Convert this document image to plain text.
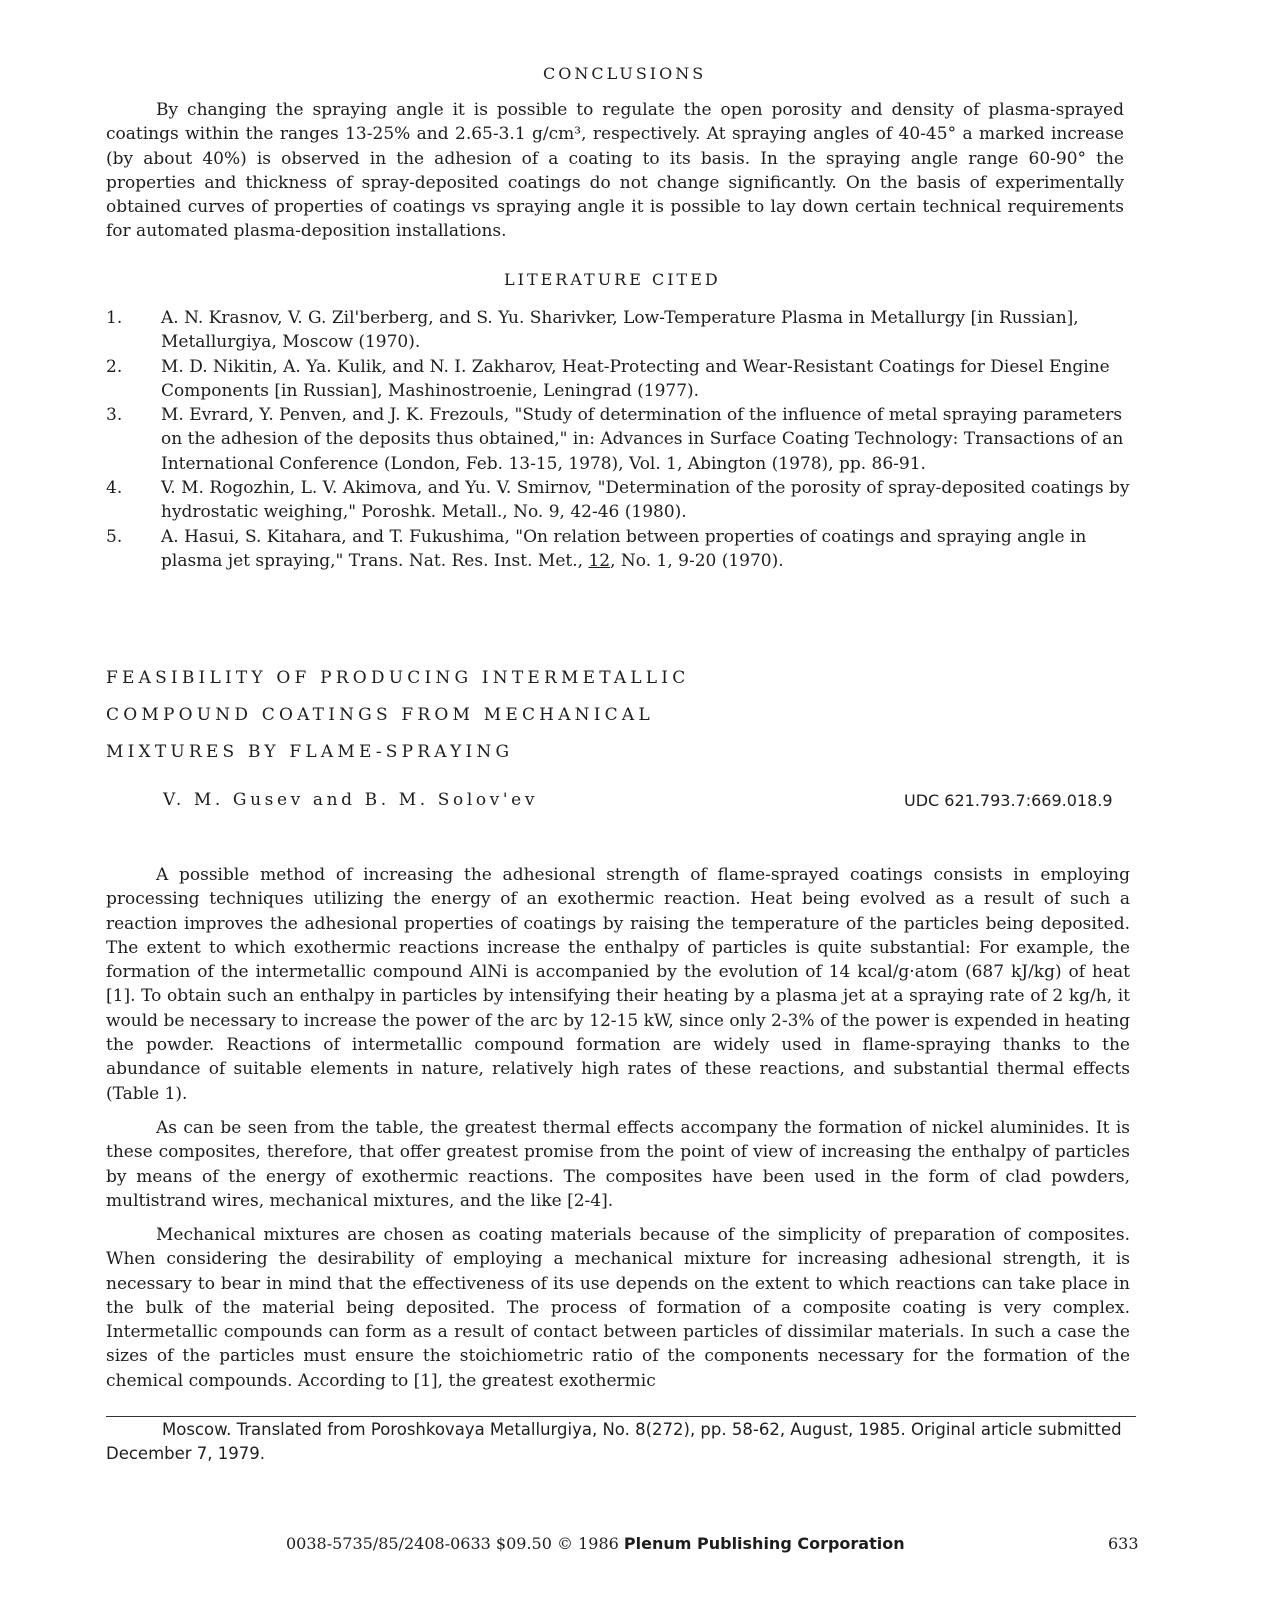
CONCLUSIONS

By changing the spraying angle it is possible to regulate the open porosity and density of plasma-sprayed coatings within the ranges 13-25% and 2.65-3.1 g/cm³, respectively. At spraying angles of 40-45° a marked increase (by about 40%) is observed in the adhesion of a coating to its basis. In the spraying angle range 60-90° the properties and thickness of spray-deposited coatings do not change significantly. On the basis of experimentally obtained curves of properties of coatings vs spraying angle it is possible to lay down certain technical requirements for automated plasma-deposition installations.

LITERATURE CITED
1. A. N. Krasnov, V. G. Zil'berberg, and S. Yu. Sharivker, Low-Temperature Plasma in Metallurgy [in Russian], Metallurgiya, Moscow (1970).
2. M. D. Nikitin, A. Ya. Kulik, and N. I. Zakharov, Heat-Protecting and Wear-Resistant Coatings for Diesel Engine Components [in Russian], Mashinostroenie, Leningrad (1977).
3. M. Evrard, Y. Penven, and J. K. Frezouls, "Study of determination of the influence of metal spraying parameters on the adhesion of the deposits thus obtained," in: Advances in Surface Coating Technology: Transactions of an International Conference (London, Feb. 13-15, 1978), Vol. 1, Abington (1978), pp. 86-91.
4. V. M. Rogozhin, L. V. Akimova, and Yu. V. Smirnov, "Determination of the porosity of spray-deposited coatings by hydrostatic weighing," Poroshk. Metall., No. 9, 42-46 (1980).
5. A. Hasui, S. Kitahara, and T. Fukushima, "On relation between properties of coatings and spraying angle in plasma jet spraying," Trans. Nat. Res. Inst. Met., 12, No. 1, 9-20 (1970).
FEASIBILITY OF PRODUCING INTERMETALLIC
COMPOUND COATINGS FROM MECHANICAL
MIXTURES BY FLAME-SPRAYING
V. M. Gusev and B. M. Solov'ev	UDC 621.793.7:669.018.9

A possible method of increasing the adhesional strength of flame-sprayed coatings consists in employing processing techniques utilizing the energy of an exothermic reaction. Heat being evolved as a result of such a reaction improves the adhesional properties of coatings by raising the temperature of the particles being deposited. The extent to which exothermic reactions increase the enthalpy of particles is quite substantial: For example, the formation of the intermetallic compound AlNi is accompanied by the evolution of 14 kcal/g·atom (687 kJ/kg) of heat [1]. To obtain such an enthalpy in particles by intensifying their heating by a plasma jet at a spraying rate of 2 kg/h, it would be necessary to increase the power of the arc by 12-15 kW, since only 2-3% of the power is expended in heating the powder. Reactions of intermetallic compound formation are widely used in flame-spraying thanks to the abundance of suitable elements in nature, relatively high rates of these reactions, and substantial thermal effects (Table 1).

As can be seen from the table, the greatest thermal effects accompany the formation of nickel aluminides. It is these composites, therefore, that offer greatest promise from the point of view of increasing the enthalpy of particles by means of the energy of exothermic reactions. The composites have been used in the form of clad powders, multistrand wires, mechanical mixtures, and the like [2-4].

Mechanical mixtures are chosen as coating materials because of the simplicity of preparation of composites. When considering the desirability of employing a mechanical mixture for increasing adhesional strength, it is necessary to bear in mind that the effectiveness of its use depends on the extent to which reactions can take place in the bulk of the material being deposited. The process of formation of a composite coating is very complex. Intermetallic compounds can form as a result of contact between particles of dissimilar materials. In such a case the sizes of the particles must ensure the stoichiometric ratio of the components necessary for the formation of the chemical compounds. According to [1], the greatest exothermic

Moscow. Translated from Poroshkovaya Metallurgiya, No. 8(272), pp. 58-62, August, 1985. Original article submitted December 7, 1979.

0038-5735/85/2408-0633 $09.50 © 1986 Plenum Publishing Corporation	633
